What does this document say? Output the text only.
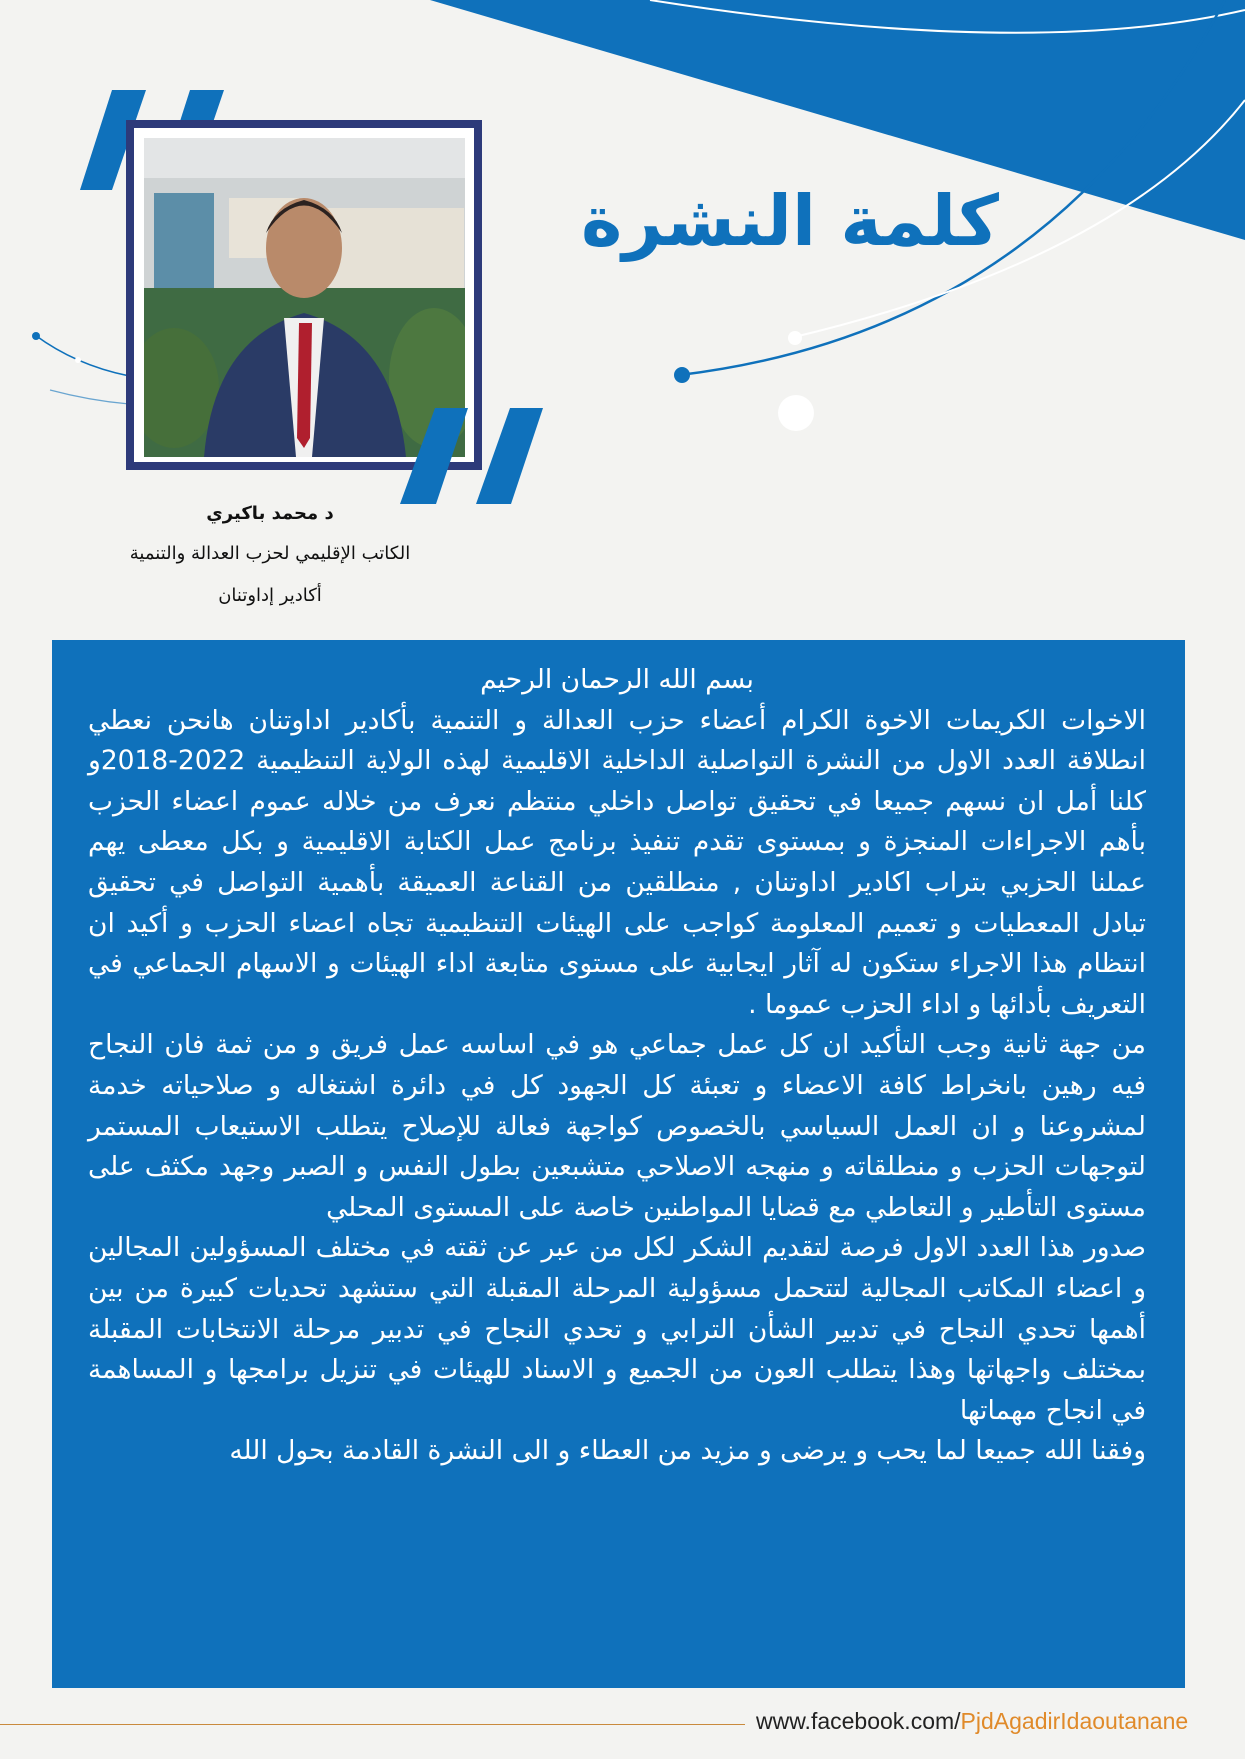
كلمة النشرة
د محمد باكيري
الكاتب الإقليمي لحزب العدالة والتنمية
أكادير إداوتنان

بسم الله الرحمان الرحيم

الاخوات الكريمات الاخوة الكرام أعضاء حزب العدالة و التنمية بأكادير اداوتنان هانحن نعطي انطلاقة العدد الاول من النشرة التواصلية الداخلية الاقليمية لهذه الولاية التنظيمية 2022-2018و كلنا أمل ان نسهم جميعا في تحقيق تواصل داخلي منتظم نعرف من خلاله عموم اعضاء الحزب بأهم الاجراءات المنجزة و بمستوى تقدم تنفيذ برنامج عمل الكتابة الاقليمية و بكل معطى يهم عملنا الحزبي بتراب اكادير اداوتنان , منطلقين من القناعة العميقة بأهمية التواصل في تحقيق تبادل المعطيات و تعميم المعلومة كواجب على الهيئات التنظيمية تجاه اعضاء الحزب و أكيد ان انتظام هذا الاجراء ستكون له آثار ايجابية على مستوى متابعة اداء الهيئات و الاسهام الجماعي في التعريف بأدائها و اداء الحزب عموما .

من جهة ثانية وجب التأكيد ان كل عمل جماعي هو في اساسه عمل فريق و من ثمة فان النجاح فيه رهين بانخراط كافة الاعضاء و تعبئة كل الجهود كل في دائرة اشتغاله و صلاحياته خدمة لمشروعنا و ان العمل السياسي بالخصوص كواجهة فعالة للإصلاح يتطلب الاستيعاب المستمر لتوجهات الحزب و منطلقاته و منهجه الاصلاحي متشبعين بطول النفس و الصبر وجهد مكثف على مستوى التأطير و التعاطي مع قضايا المواطنين خاصة على المستوى المحلي

صدور هذا العدد الاول فرصة لتقديم الشكر لكل من عبر عن ثقته في مختلف المسؤولين المجالين و اعضاء المكاتب المجالية لتتحمل مسؤولية المرحلة المقبلة التي ستشهد تحديات كبيرة من بين أهمها تحدي النجاح في تدبير الشأن الترابي و تحدي النجاح في تدبير مرحلة الانتخابات المقبلة بمختلف واجهاتها وهذا يتطلب العون من الجميع و الاسناد للهيئات في تنزيل برامجها و المساهمة في انجاح مهماتها

وفقنا الله جميعا لما يحب و يرضى و مزيد من العطاء و الى النشرة القادمة بحول الله

www.facebook.com/PjdAgadirIdaoutanane
